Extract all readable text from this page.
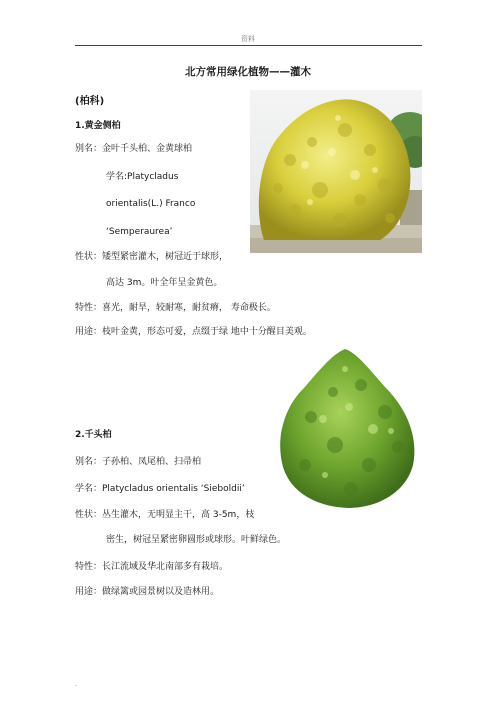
资料
北方常用绿化植物——灌木
(柏科)
1.黄金侧柏
别名：金叶千头柏、金黄球柏
学名:Platycladus
orientalis(L.) Franco
‘Semperaurea’
性状：矮型紧密灌木，树冠近于球形，
高达 3m。叶全年呈金黄色。
特性：喜光，耐旱，较耐寒，耐贫瘠， 寿命极长。
用途：枝叶金黄，形态可爱，点缀于绿 地中十分醒目美观。
2.千头柏
别名：子孙柏、凤尾柏、扫帚柏
学名：Platycladus orientalis ‘Sieboldii’
性状：丛生灌木，无明显主干，高 3-5m，枝
密生，树冠呈紧密卵圆形或球形。叶鲜绿色。
特性：长江流域及华北南部多有栽培。
用途：做绿篱或园景树以及造林用。
.
